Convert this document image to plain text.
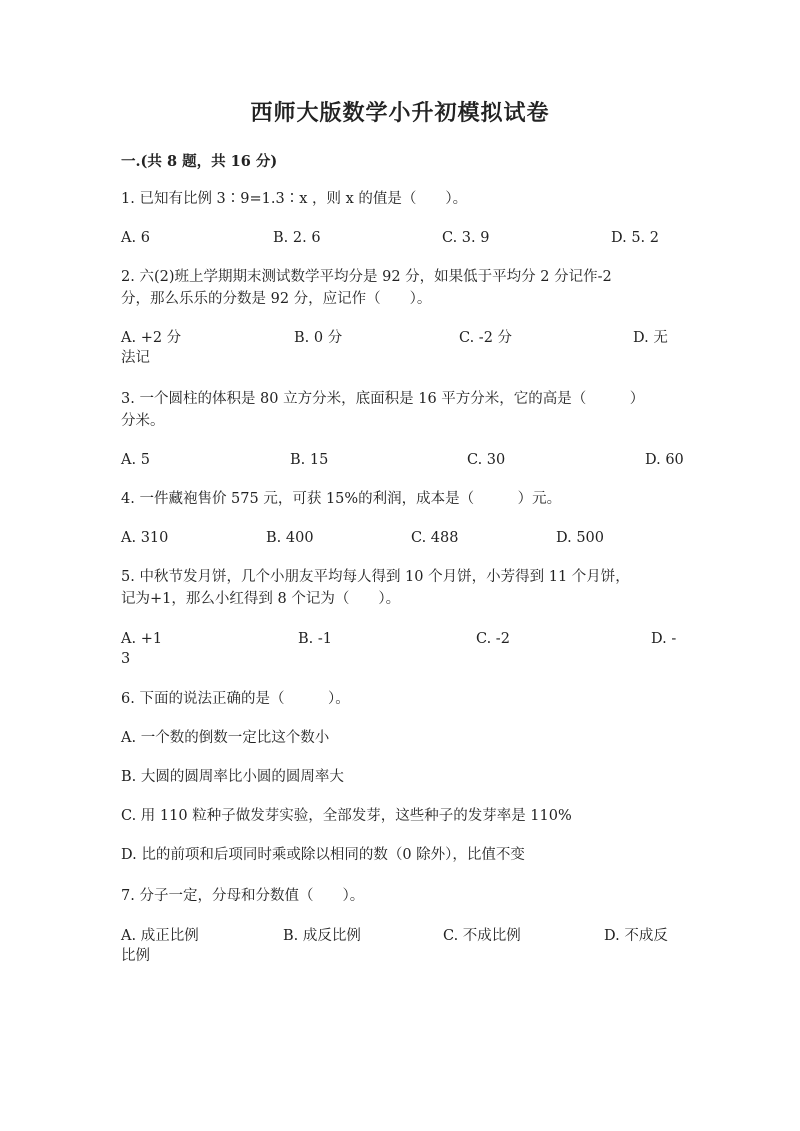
西师大版数学小升初模拟试卷
一.(共 8 题，共 16 分)
1. 已知有比例 3∶9=1.3∶x ，则 x 的值是（　　）。
A. 6	B. 2. 6	C. 3. 9	D. 5. 2
2. 六(2)班上学期期末测试数学平均分是 92 分，如果低于平均分 2 分记作-2
分，那么乐乐的分数是 92 分，应记作（　　）。
A. +2 分	B. 0 分	C. -2 分	D. 无
法记
3. 一个圆柱的体积是 80 立方分米，底面积是 16 平方分米，它的高是（　　　）
分米。
A. 5	B. 15	C. 30	D. 60
4. 一件藏袍售价 575 元，可获 15%的利润，成本是（　　　）元。
A. 310	B. 400	C. 488	D. 500
5. 中秋节发月饼，几个小朋友平均每人得到 10 个月饼，小芳得到 11 个月饼，
记为+1，那么小红得到 8 个记为（　　）。
A. +1	B. -1	C. -2	D. -
3
6. 下面的说法正确的是（　　　）。
A. 一个数的倒数一定比这个数小
B. 大圆的圆周率比小圆的圆周率大
C. 用 110 粒种子做发芽实验，全部发芽，这些种子的发芽率是 110%
D. 比的前项和后项同时乘或除以相同的数（0 除外），比值不变
7. 分子一定，分母和分数值（　　）。
A. 成正比例	B. 成反比例	C. 不成比例	D. 不成反
比例
